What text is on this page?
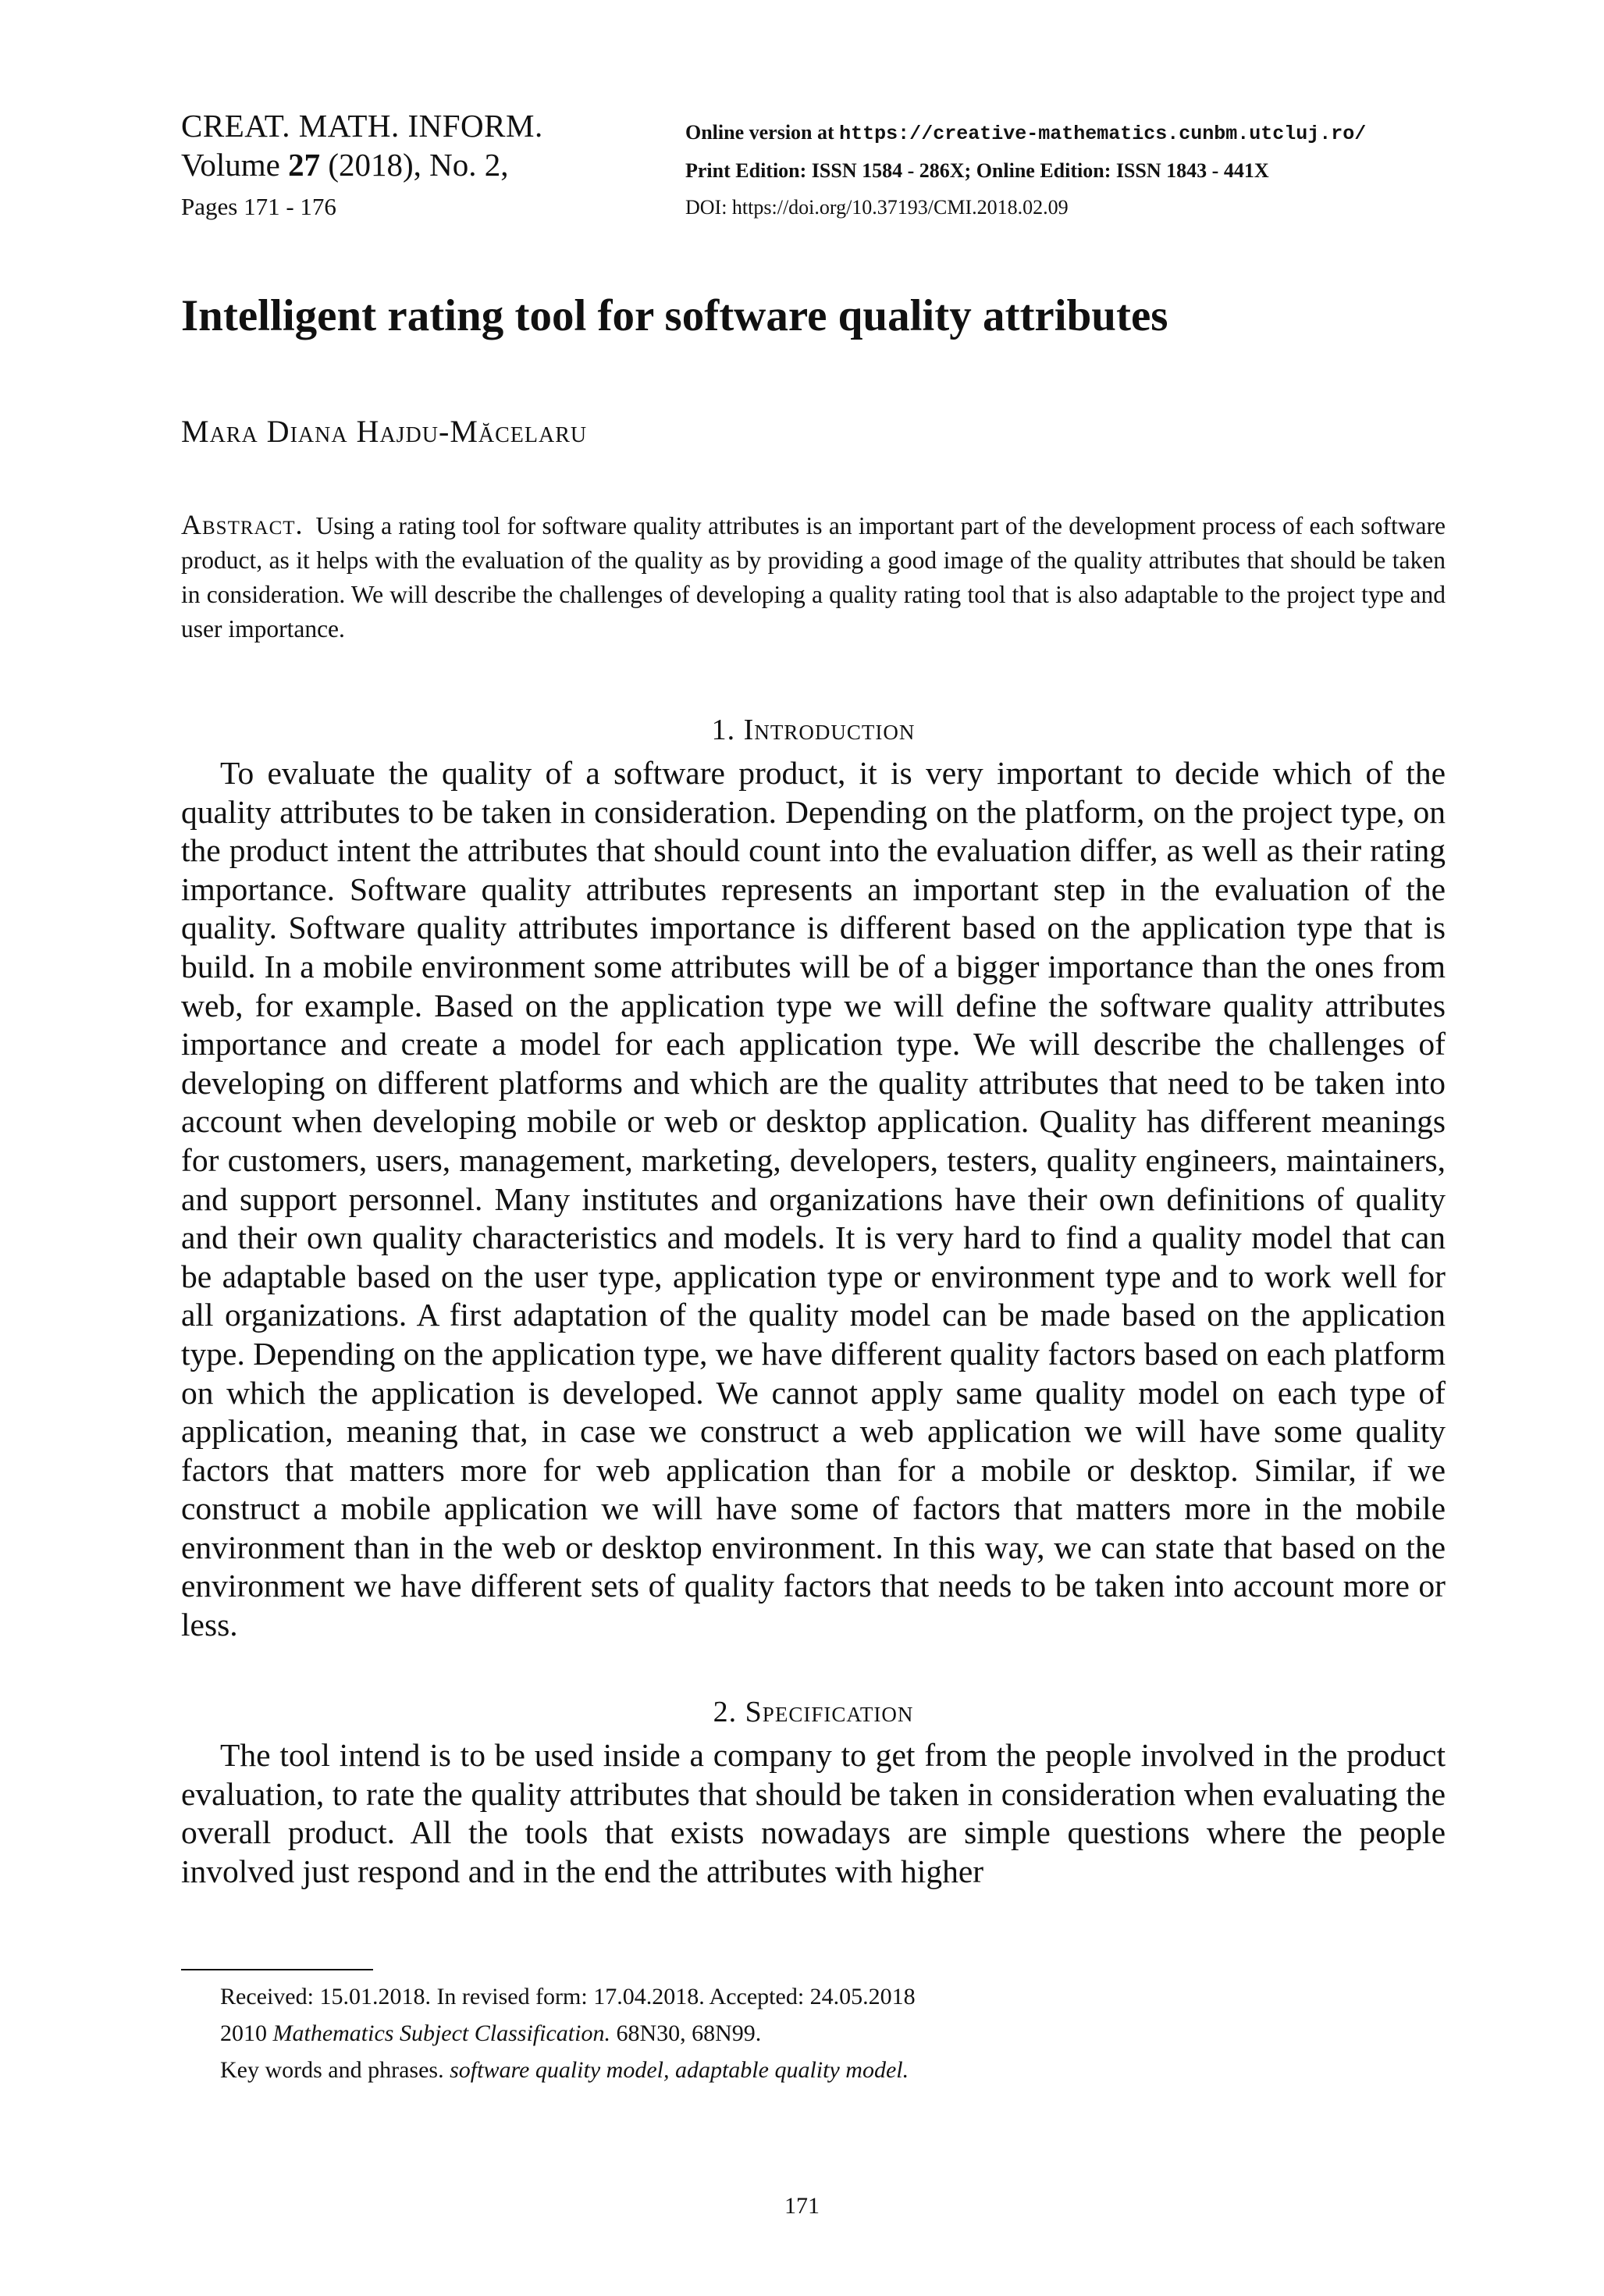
CREAT. MATH. INFORM.
Volume 27 (2018), No. 2,
Pages 171 - 176
Online version at https://creative-mathematics.cunbm.utcluj.ro/
Print Edition: ISSN 1584 - 286X; Online Edition: ISSN 1843 - 441X
DOI: https://doi.org/10.37193/CMI.2018.02.09
Intelligent rating tool for software quality attributes
Mara Diana Hajdu-Măcelaru
Abstract. Using a rating tool for software quality attributes is an important part of the development process of each software product, as it helps with the evaluation of the quality as by providing a good image of the quality attributes that should be taken in consideration. We will describe the challenges of developing a quality rating tool that is also adaptable to the project type and user importance.
1. Introduction
To evaluate the quality of a software product, it is very important to decide which of the quality attributes to be taken in consideration. Depending on the platform, on the project type, on the product intent the attributes that should count into the evaluation differ, as well as their rating importance. Software quality attributes represents an important step in the evaluation of the quality. Software quality attributes importance is different based on the application type that is build. In a mobile environment some attributes will be of a bigger importance than the ones from web, for example. Based on the application type we will define the software quality attributes importance and create a model for each application type. We will describe the challenges of developing on different platforms and which are the quality attributes that need to be taken into account when developing mobile or web or desktop application. Quality has different meanings for customers, users, management, marketing, developers, testers, quality engineers, maintainers, and support personnel. Many institutes and organizations have their own definitions of quality and their own quality characteristics and models. It is very hard to find a quality model that can be adaptable based on the user type, application type or environment type and to work well for all organizations. A first adaptation of the quality model can be made based on the application type. Depending on the application type, we have different quality factors based on each platform on which the application is developed. We cannot apply same quality model on each type of application, meaning that, in case we construct a web application we will have some quality factors that matters more for web application than for a mobile or desktop. Similar, if we construct a mobile application we will have some of factors that matters more in the mobile environment than in the web or desktop environment. In this way, we can state that based on the environment we have different sets of quality factors that needs to be taken into account more or less.
2. Specification
The tool intend is to be used inside a company to get from the people involved in the product evaluation, to rate the quality attributes that should be taken in consideration when evaluating the overall product. All the tools that exists nowadays are simple questions where the people involved just respond and in the end the attributes with higher
Received: 15.01.2018. In revised form: 17.04.2018. Accepted: 24.05.2018
2010 Mathematics Subject Classification. 68N30, 68N99.
Key words and phrases. software quality model, adaptable quality model.
171
